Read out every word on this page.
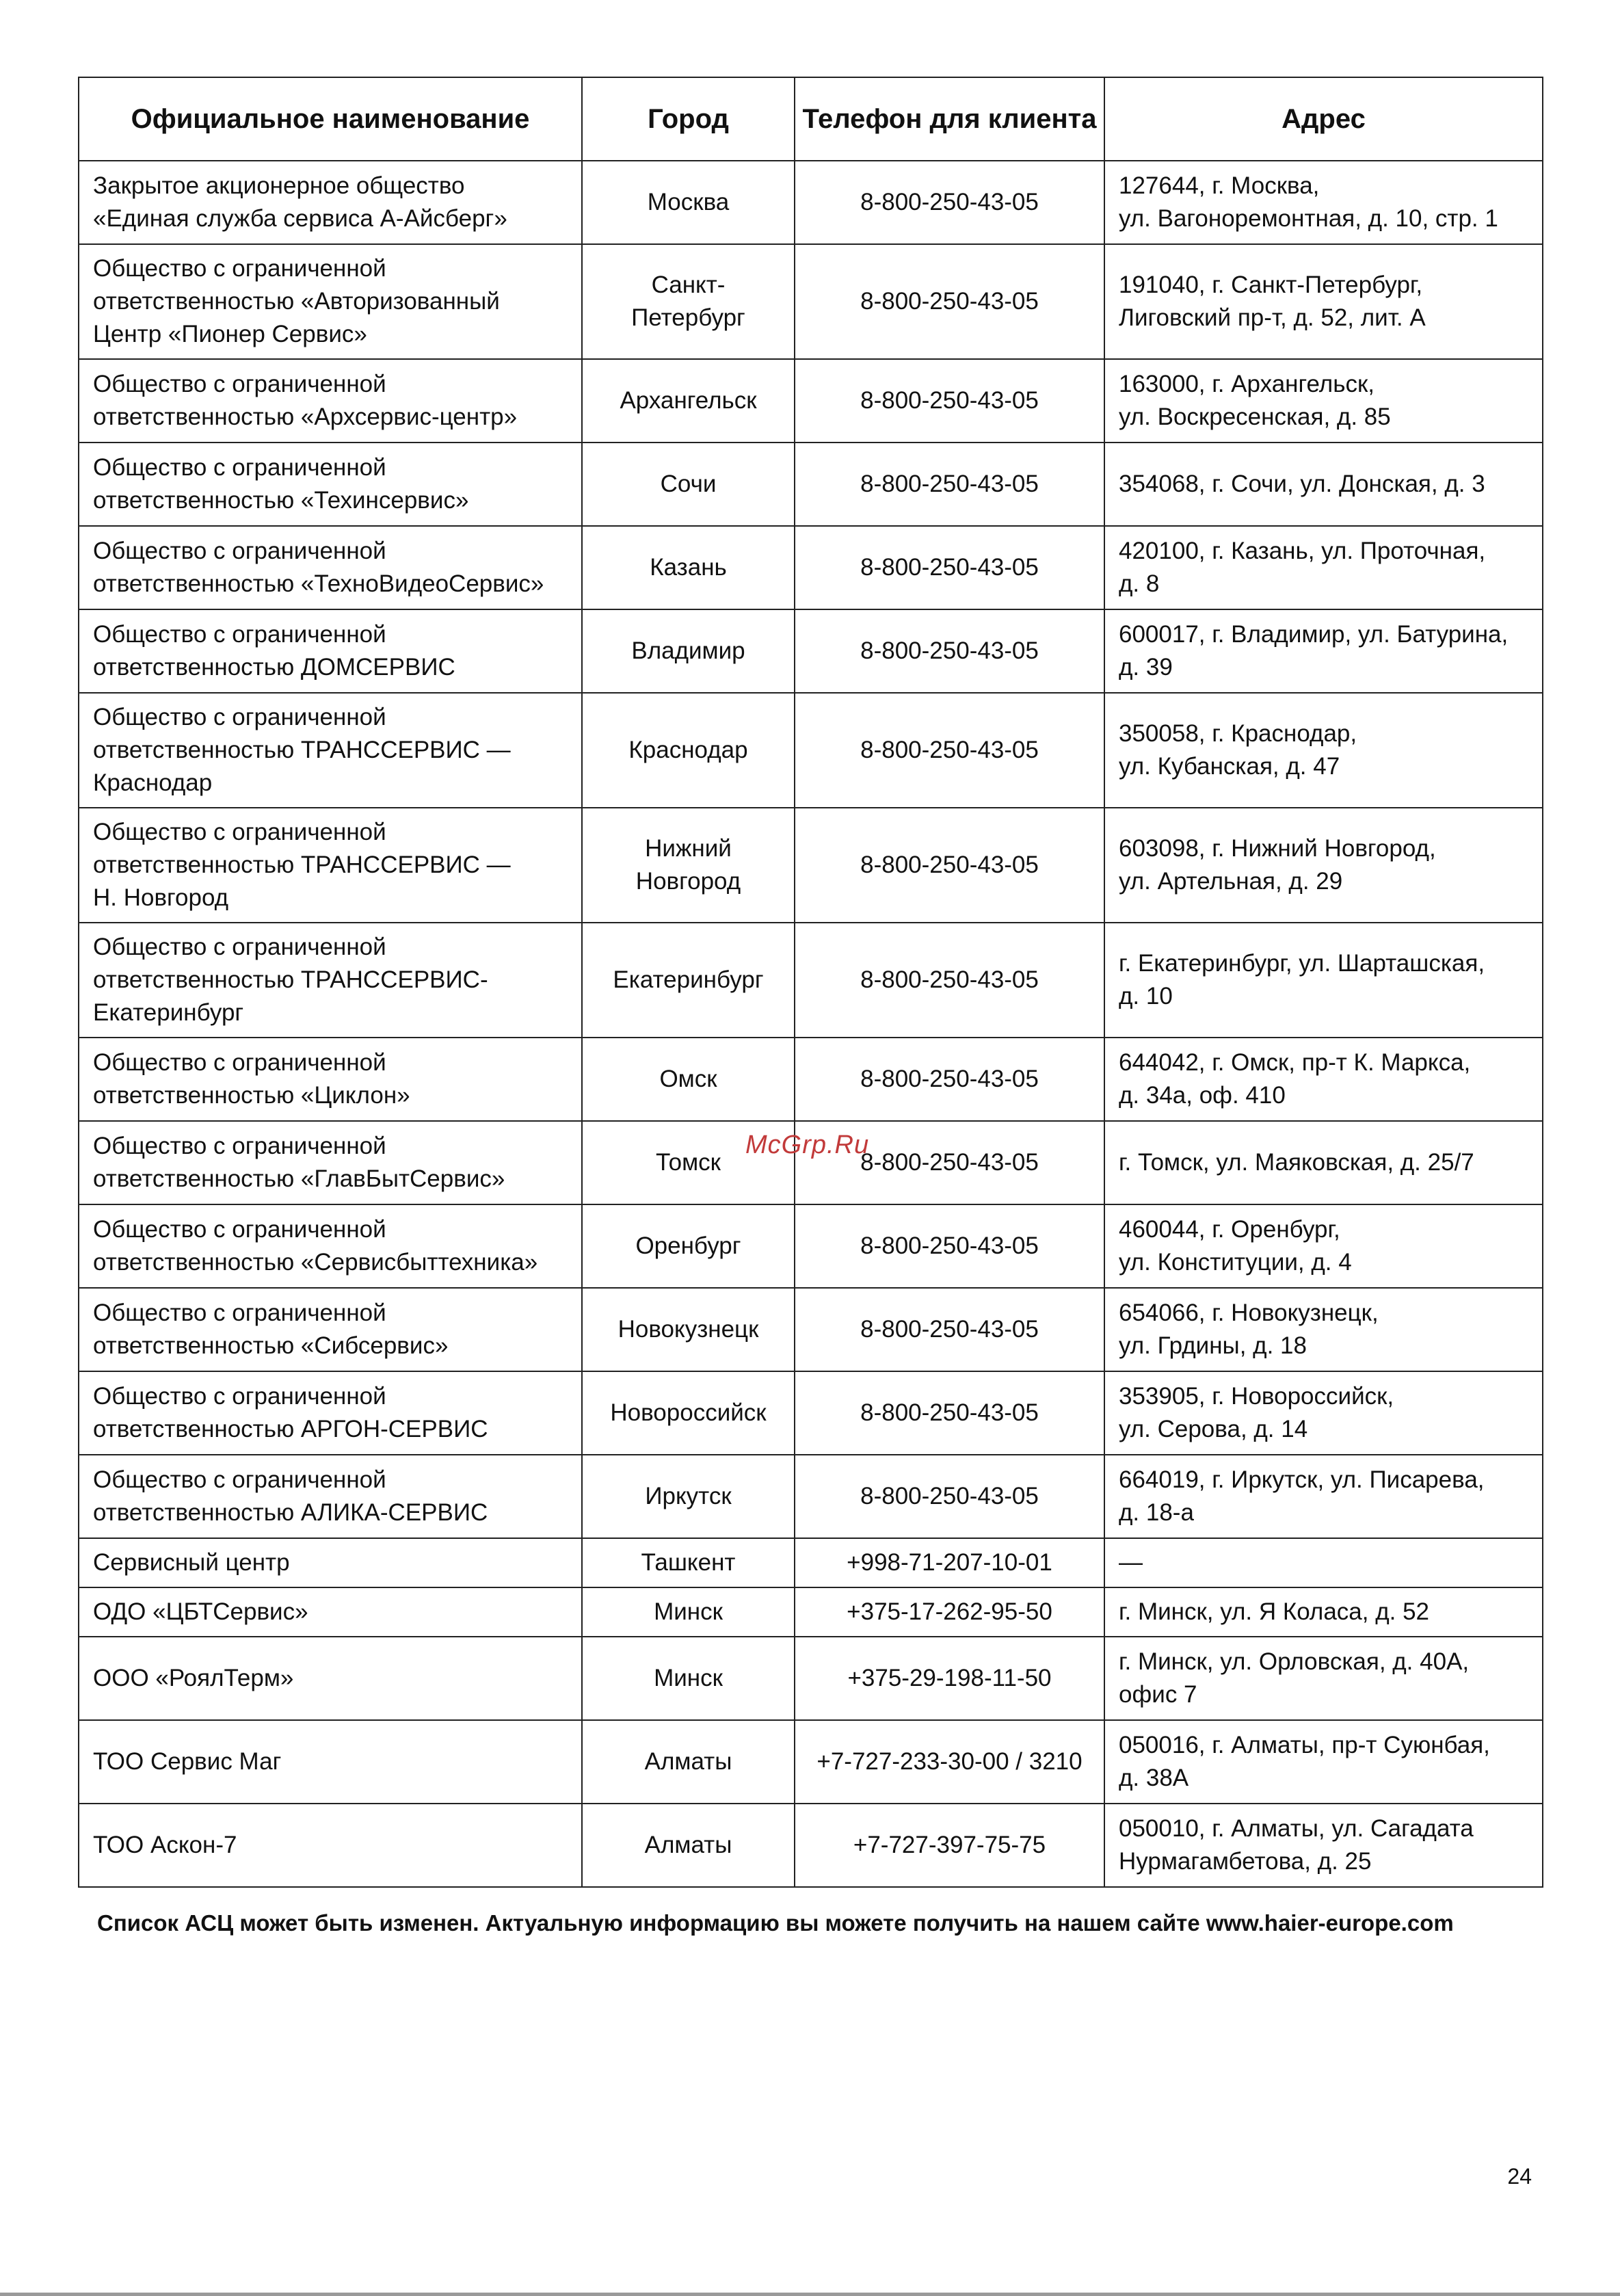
Официальное наименование	Город	Телефон для клиента	Адрес
Закрытое акционерное общество
«Единая служба сервиса А-Айсберг»	Москва	8-800-250-43-05	127644, г. Москва,
ул. Вагоноремонтная, д. 10, стр. 1
Общество с ограниченной
ответственностью «Авторизованный
Центр «Пионер Сервис»	Санкт-
Петербург	8-800-250-43-05	191040, г. Санкт-Петербург,
Лиговский пр-т, д. 52, лит. А
Общество с ограниченной
ответственностью «Архсервис-центр»	Архангельск	8-800-250-43-05	163000, г. Архангельск,
ул. Воскресенская, д. 85
Общество с ограниченной
ответственностью «Техинсервис»	Сочи	8-800-250-43-05	354068, г. Сочи, ул. Донская, д. 3
Общество с ограниченной
ответственностью «ТехноВидеоСервис»	Казань	8-800-250-43-05	420100, г. Казань, ул. Проточная,
д. 8
Общество с ограниченной
ответственностью ДОМСЕРВИС	Владимир	8-800-250-43-05	600017, г. Владимир, ул. Батурина,
д. 39
Общество с ограниченной
ответственностью ТРАНССЕРВИС —
Краснодар	Краснодар	8-800-250-43-05	350058, г. Краснодар,
ул. Кубанская, д. 47
Общество с ограниченной
ответственностью ТРАНССЕРВИС —
Н. Новгород	Нижний
Новгород	8-800-250-43-05	603098, г. Нижний Новгород,
ул. Артельная, д. 29
Общество с ограниченной
ответственностью ТРАНССЕРВИС-
Екатеринбург	Екатеринбург	8-800-250-43-05	г. Екатеринбург, ул. Шарташская,
д. 10
Общество с ограниченной
ответственностью «Циклон»	Омск	8-800-250-43-05	644042, г. Омск, пр-т К. Маркса,
д. 34а, оф. 410
Общество с ограниченной
ответственностью «ГлавБытСервис»	Томск	8-800-250-43-05	г. Томск, ул. Маяковская, д. 25/7
Общество с ограниченной
ответственностью «Сервисбыттехника»	Оренбург	8-800-250-43-05	460044, г. Оренбург,
ул. Конституции, д. 4
Общество с ограниченной
ответственностью «Сибсервис»	Новокузнецк	8-800-250-43-05	654066, г. Новокузнецк,
ул. Грдины, д. 18
Общество с ограниченной
ответственностью АРГОН-СЕРВИС	Новороссийск	8-800-250-43-05	353905, г. Новороссийск,
ул. Серова, д. 14
Общество с ограниченной
ответственностью АЛИКА-СЕРВИС	Иркутск	8-800-250-43-05	664019, г. Иркутск, ул. Писарева,
д. 18-а
Сервисный центр	Ташкент	+998-71-207-10-01	—
ОДО «ЦБТСервис»	Минск	+375-17-262-95-50	г. Минск, ул. Я Коласа, д. 52
ООО «РоялТерм»	Минск	+375-29-198-11-50	г. Минск, ул. Орловская, д. 40А,
офис 7
ТОО Сервис Маг	Алматы	+7-727-233-30-00 / 3210	050016, г. Алматы, пр-т Суюнбая,
д. 38А
ТОО Аскон-7	Алматы	+7-727-397-75-75	050010, г. Алматы, ул. Сагадата
Нурмагамбетова, д. 25
McGrp.Ru
Список АСЦ может быть изменен. Актуальную информацию вы можете получить на нашем сайте www.haier-europe.com
24
